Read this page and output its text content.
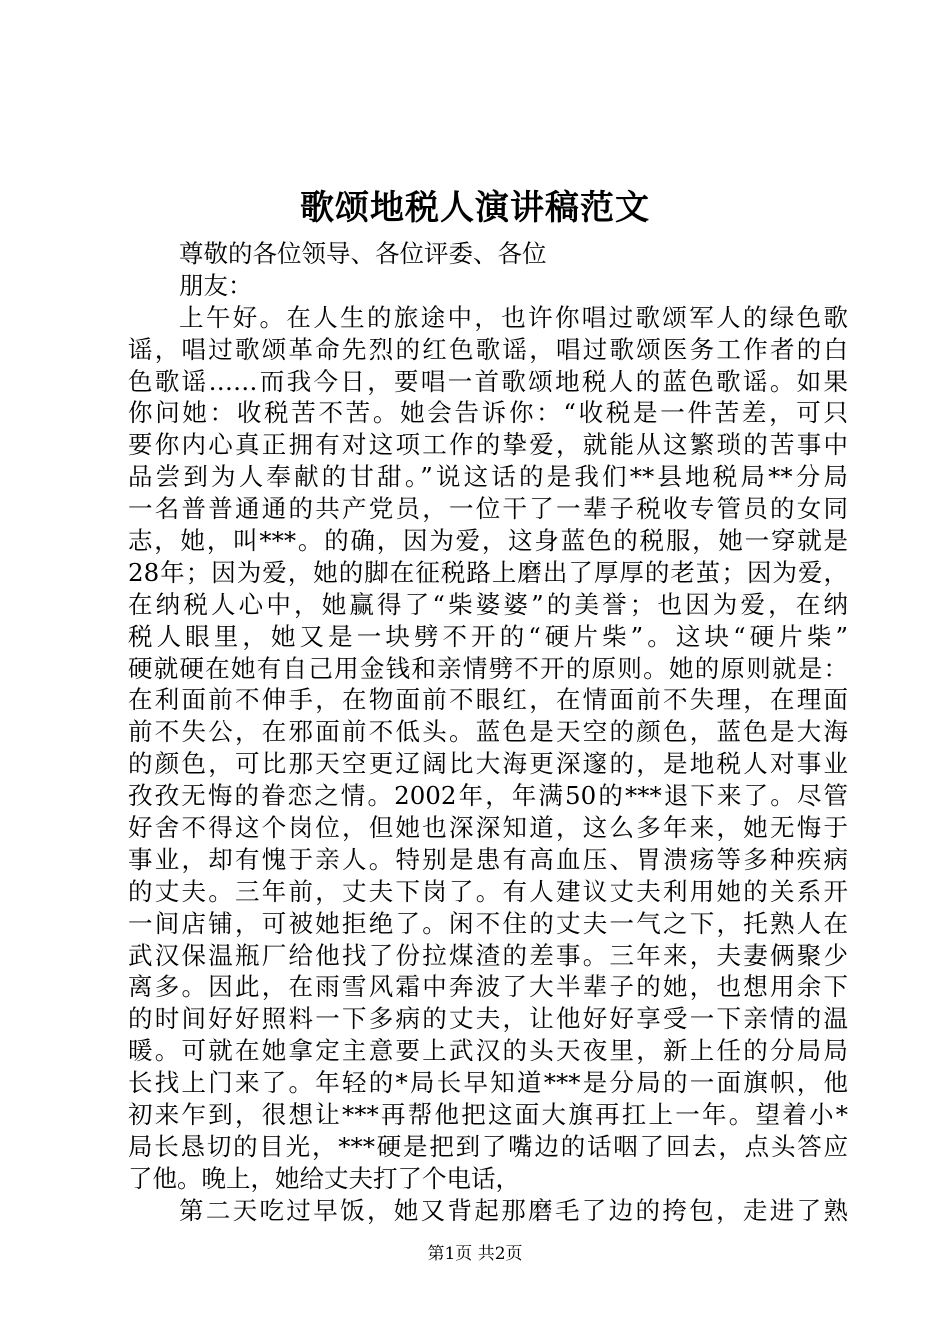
歌颂地税人演讲稿范文
尊敬的各位领导、各位评委、各位
朋友：
上午好。在人生的旅途中，也许你唱过歌颂军人的绿色歌
谣，唱过歌颂革命先烈的红色歌谣，唱过歌颂医务工作者的白
色歌谣……而我今日，要唱一首歌颂地税人的蓝色歌谣。如果
你问她：收税苦不苦。她会告诉你：“收税是一件苦差，可只
要你内心真正拥有对这项工作的挚爱，就能从这繁琐的苦事中
品尝到为人奉献的甘甜。”说这话的是我们**县地税局**分局
一名普普通通的共产党员，一位干了一辈子税收专管员的女同
志，她，叫***。的确，因为爱，这身蓝色的税服，她一穿就是
28年；因为爱，她的脚在征税路上磨出了厚厚的老茧；因为爱，
在纳税人心中，她赢得了“柴婆婆”的美誉；也因为爱，在纳
税人眼里，她又是一块劈不开的“硬片柴”。这块“硬片柴”
硬就硬在她有自己用金钱和亲情劈不开的原则。她的原则就是：
在利面前不伸手，在物面前不眼红，在情面前不失理，在理面
前不失公，在邪面前不低头。蓝色是天空的颜色，蓝色是大海
的颜色，可比那天空更辽阔比大海更深邃的，是地税人对事业
孜孜无悔的眷恋之情。2002年，年满50的***退下来了。尽管
好舍不得这个岗位，但她也深深知道，这么多年来，她无悔于
事业，却有愧于亲人。特别是患有高血压、胃溃疡等多种疾病
的丈夫。三年前，丈夫下岗了。有人建议丈夫利用她的关系开
一间店铺，可被她拒绝了。闲不住的丈夫一气之下，托熟人在
武汉保温瓶厂给他找了份拉煤渣的差事。三年来，夫妻俩聚少
离多。因此，在雨雪风霜中奔波了大半辈子的她，也想用余下
的时间好好照料一下多病的丈夫，让他好好享受一下亲情的温
暖。可就在她拿定主意要上武汉的头天夜里，新上任的分局局
长找上门来了。年轻的*局长早知道***是分局的一面旗帜，他
初来乍到，很想让***再帮他把这面大旗再扛上一年。望着小*
局长恳切的目光，***硬是把到了嘴边的话咽了回去，点头答应
了他。晚上，她给丈夫打了个电话，
第二天吃过早饭，她又背起那磨毛了边的挎包，走进了熟
第1页 共2页
